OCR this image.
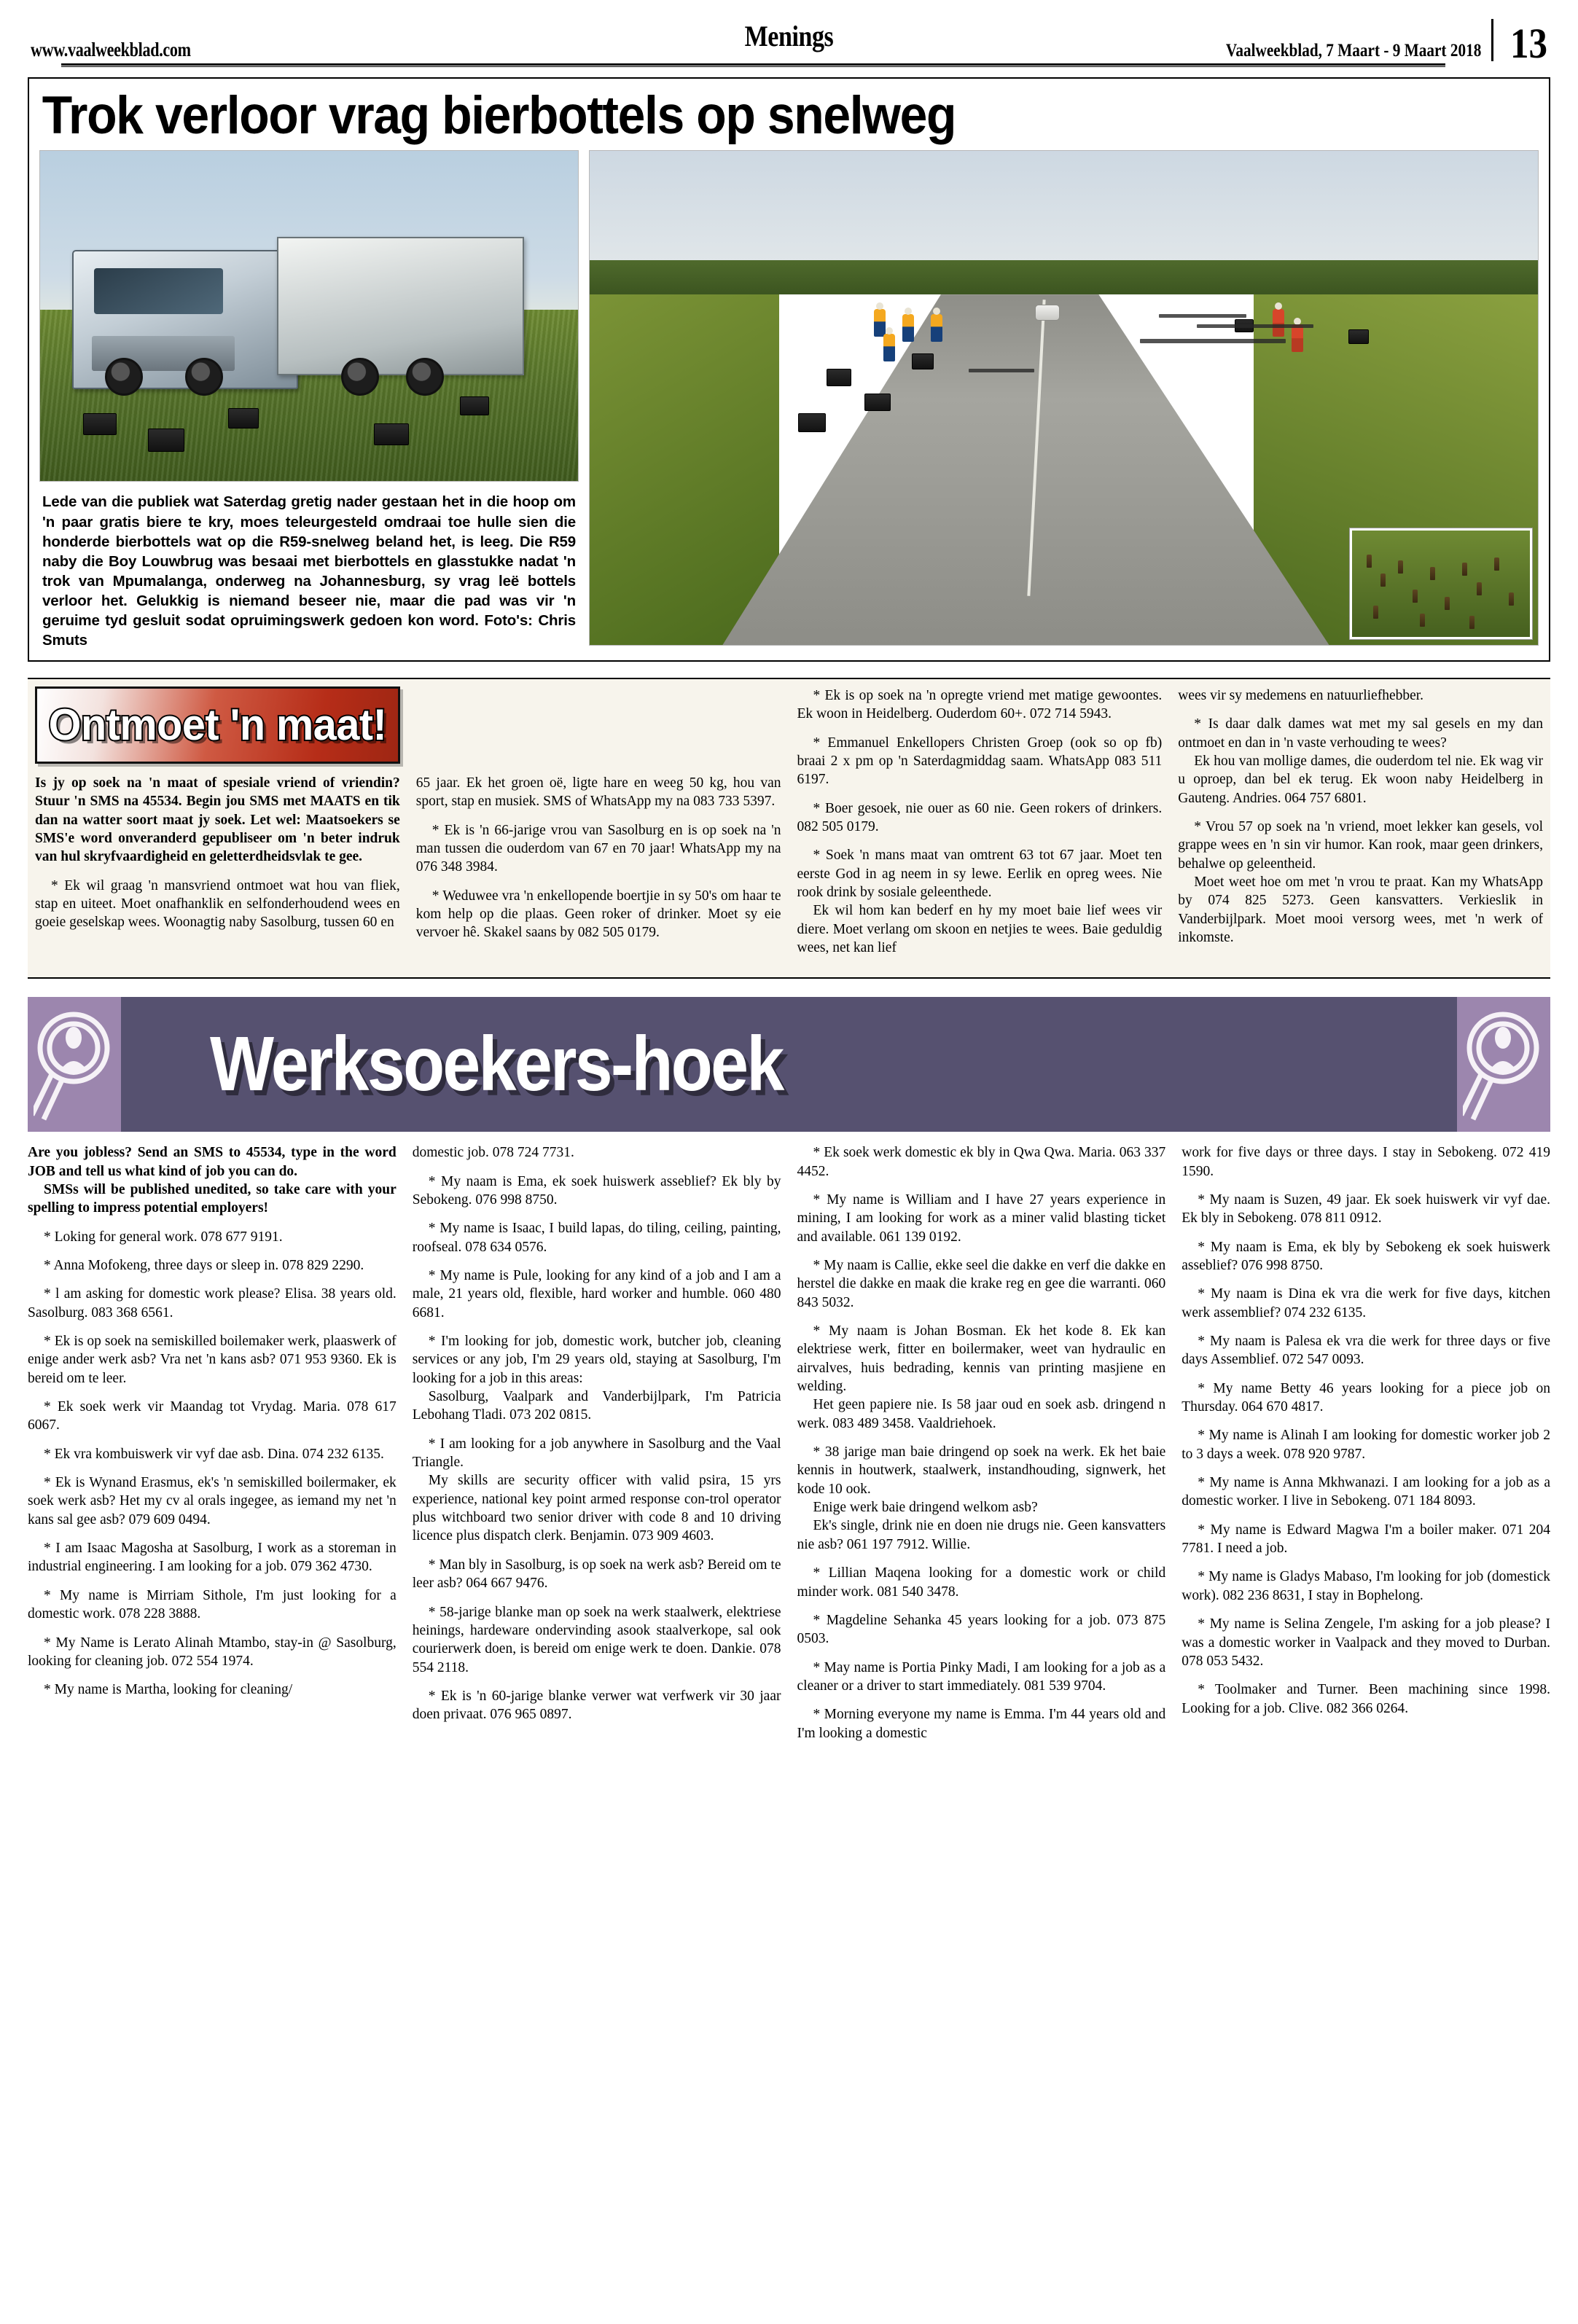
www.vaalweekblad.com	Menings	Vaalweekblad, 7 Maart - 9 Maart 2018 13
Trok verloor vrag bierbottels op snelweg
Lede van die publiek wat Saterdag gretig nader gestaan het in die hoop om 'n paar gratis biere te kry, moes teleurgesteld omdraai toe hulle sien die honderde bierbottels wat op die R59-snelweg beland het, is leeg. Die R59 naby die Boy Louwbrug was besaai met bierbottels en glasstukke nadat 'n trok van Mpumalanga, onderweg na Johannesburg, sy vrag leë bottels verloor het. Gelukkig is niemand beseer nie, maar die pad was vir 'n geruime tyd gesluit sodat opruimingswerk gedoen kon word. Foto's: Chris Smuts
Ontmoet 'n maat!

Is jy op soek na 'n maat of spesiale vriend of vriendin? Stuur 'n SMS na 45534. Begin jou SMS met MAATS en tik dan na watter soort maat jy soek. Let wel: Maatsoekers se SMS'e word onveranderd gepubliseer om 'n beter indruk van hul skryfvaardigheid en geletterdheidsvlak te gee.

* Ek wil graag 'n mansvriend ontmoet wat hou van fliek, stap en uiteet. Moet onafhanklik en selfonderhoudend wees en goeie geselskap wees. Woonagtig naby Sasolburg, tussen 60 en

65 jaar. Ek het groen oë, ligte hare en weeg 50 kg, hou van sport, stap en musiek. SMS of WhatsApp my na 083 733 5397.

* Ek is 'n 66-jarige vrou van Sasolburg en is op soek na 'n man tussen die ouderdom van 67 en 70 jaar! WhatsApp my na 076 348 3984.

* Weduwee vra 'n enkellopende boertjie in sy 50's om haar te kom help op die plaas. Geen roker of drinker. Moet sy eie vervoer hê. Skakel saans by 082 505 0179.

* Ek is op soek na 'n opregte vriend met matige gewoontes. Ek woon in Heidelberg. Ouderdom 60+. 072 714 5943.

* Emmanuel Enkellopers Christen Groep (ook so op fb) braai 2 x pm op 'n Saterdagmiddag saam. WhatsApp 083 511 6197.

* Boer gesoek, nie ouer as 60 nie. Geen rokers of drinkers. 082 505 0179.

* Soek 'n mans maat van omtrent 63 tot 67 jaar. Moet ten eerste God in ag neem in sy lewe. Eerlik en opreg wees. Nie rook drink by sosiale geleenthede.

Ek wil hom kan bederf en hy my moet baie lief wees vir diere. Moet verlang om skoon en netjies te wees. Baie geduldig wees, net kan lief

wees vir sy medemens en natuurliefhebber.

* Is daar dalk dames wat met my sal gesels en my dan ontmoet en dan in 'n vaste verhouding te wees?

Ek hou van mollige dames, die ouderdom tel nie. Ek wag vir u oproep, dan bel ek terug. Ek woon naby Heidelberg in Gauteng. Andries. 064 757 6801.

* Vrou 57 op soek na 'n vriend, moet lekker kan gesels, vol grappe wees en 'n sin vir humor. Kan rook, maar geen drinkers, behalwe op geleentheid.

Moet weet hoe om met 'n vrou te praat. Kan my WhatsApp by 074 825 5273. Geen kansvatters. Verkieslik in Vanderbijlpark. Moet mooi versorg wees, met 'n werk of inkomste.

Werksoekers-hoek

Are you jobless? Send an SMS to 45534, type in the word JOB and tell us what kind of job you can do.

SMSs will be published unedited, so take care with your spelling to impress potential employers!

* Loking for general work. 078 677 9191.

* Anna Mofokeng, three days or sleep in. 078 829 2290.

* l am asking for domestic work please? Elisa. 38 years old. Sasolburg. 083 368 6561.

* Ek is op soek na semiskilled boilemaker werk, plaaswerk of enige ander werk asb? Vra net 'n kans asb? 071 953 9360. Ek is bereid om te leer.

* Ek soek werk vir Maandag tot Vrydag. Maria. 078 617 6067.

* Ek vra kombuiswerk vir vyf dae asb. Dina. 074 232 6135.

* Ek is Wynand Erasmus, ek's 'n semiskilled boilermaker, ek soek werk asb? Het my cv al orals ingegee, as iemand my net 'n kans sal gee asb? 079 609 0494.

* I am Isaac Magosha at Sasolburg, I work as a storeman in industrial engineering. I am looking for a job. 079 362 4730.

* My name is Mirriam Sithole, I'm just looking for a domestic work. 078 228 3888.

* My Name is Lerato Alinah Mtambo, stay-in @ Sasolburg, looking for cleaning job. 072 554 1974.

* My name is Martha, looking for cleaning/

domestic job. 078 724 7731.

* My naam is Ema, ek soek huiswerk asseblief? Ek bly by Sebokeng. 076 998 8750.

* My name is Isaac, I build lapas, do tiling, ceiling, painting, roofseal. 078 634 0576.

* My name is Pule, looking for any kind of a job and I am a male, 21 years old, flexible, hard worker and humble. 060 480 6681.

* I'm looking for job, domestic work, butcher job, cleaning services or any job, I'm 29 years old, staying at Sasolburg, I'm looking for a job in this areas:

Sasolburg, Vaalpark and Vanderbijlpark, I'm Patricia Lebohang Tladi. 073 202 0815.

* I am looking for a job anywhere in Sasolburg and the Vaal Triangle.

My skills are security officer with valid psira, 15 yrs experience, national key point armed response con-trol operator plus witchboard two senior driver with code 8 and 10 driving licence plus dispatch clerk. Benjamin. 073 909 4603.

* Man bly in Sasolburg, is op soek na werk asb? Bereid om te leer asb? 064 667 9476.

* 58-jarige blanke man op soek na werk staalwerk, elektriese heinings, hardeware ondervinding asook staalverkope, sal ook courierwerk doen, is bereid om enige werk te doen. Dankie. 078 554 2118.

* Ek is 'n 60-jarige blanke verwer wat verfwerk vir 30 jaar doen privaat. 076 965 0897.

* Ek soek werk domestic ek bly in Qwa Qwa. Maria. 063 337 4452.

* My name is William and I have 27 years experience in mining, I am looking for work as a miner valid blasting ticket and available. 061 139 0192.

* My naam is Callie, ekke seel die dakke en verf die dakke en herstel die dakke en maak die krake reg en gee die warranti. 060 843 5032.

* My naam is Johan Bosman. Ek het kode 8. Ek kan elektriese werk, fitter en boilermaker, weet van hydraulic en airvalves, huis bedrading, kennis van printing masjiene en welding.

Het geen papiere nie. Is 58 jaar oud en soek asb. dringend n werk. 083 489 3458. Vaaldriehoek.

* 38 jarige man baie dringend op soek na werk. Ek het baie kennis in houtwerk, staalwerk, instandhouding, signwerk, het kode 10 ook.

Enige werk baie dringend welkom asb?

Ek's single, drink nie en doen nie drugs nie. Geen kansvatters nie asb? 061 197 7912. Willie.

* Lillian Maqena looking for a domestic work or child minder work. 081 540 3478.

* Magdeline Sehanka 45 years looking for a job. 073 875 0503.

* May name is Portia Pinky Madi, I am looking for a job as a cleaner or a driver to start immediately. 081 539 9704.

* Morning everyone my name is Emma. I'm 44 years old and I'm looking a domestic

work for five days or three days. I stay in Sebokeng. 072 419 1590.

* My naam is Suzen, 49 jaar. Ek soek huiswerk vir vyf dae. Ek bly in Sebokeng. 078 811 0912.

* My naam is Ema, ek bly by Sebokeng ek soek huiswerk asseblief? 076 998 8750.

* My naam is Dina ek vra die werk for five days, kitchen werk assemblief? 074 232 6135.

* My naam is Palesa ek vra die werk for three days or five days Assemblief. 072 547 0093.

* My name Betty 46 years looking for a piece job on Thursday. 064 670 4817.

* My name is Alinah I am looking for domestic worker job 2 to 3 days a week. 078 920 9787.

* My name is Anna Mkhwanazi. I am looking for a job as a domestic worker. I live in Sebokeng. 071 184 8093.

* My name is Edward Magwa I'm a boiler maker. 071 204 7781. I need a job.

* My name is Gladys Mabaso, I'm looking for job (domestick work). 082 236 8631, I stay in Bophelong.

* My name is Selina Zengele, I'm asking for a job please? I was a domestic worker in Vaalpack and they moved to Durban. 078 053 5432.

* Toolmaker and Turner. Been machining since 1998. Looking for a job. Clive. 082 366 0264.
